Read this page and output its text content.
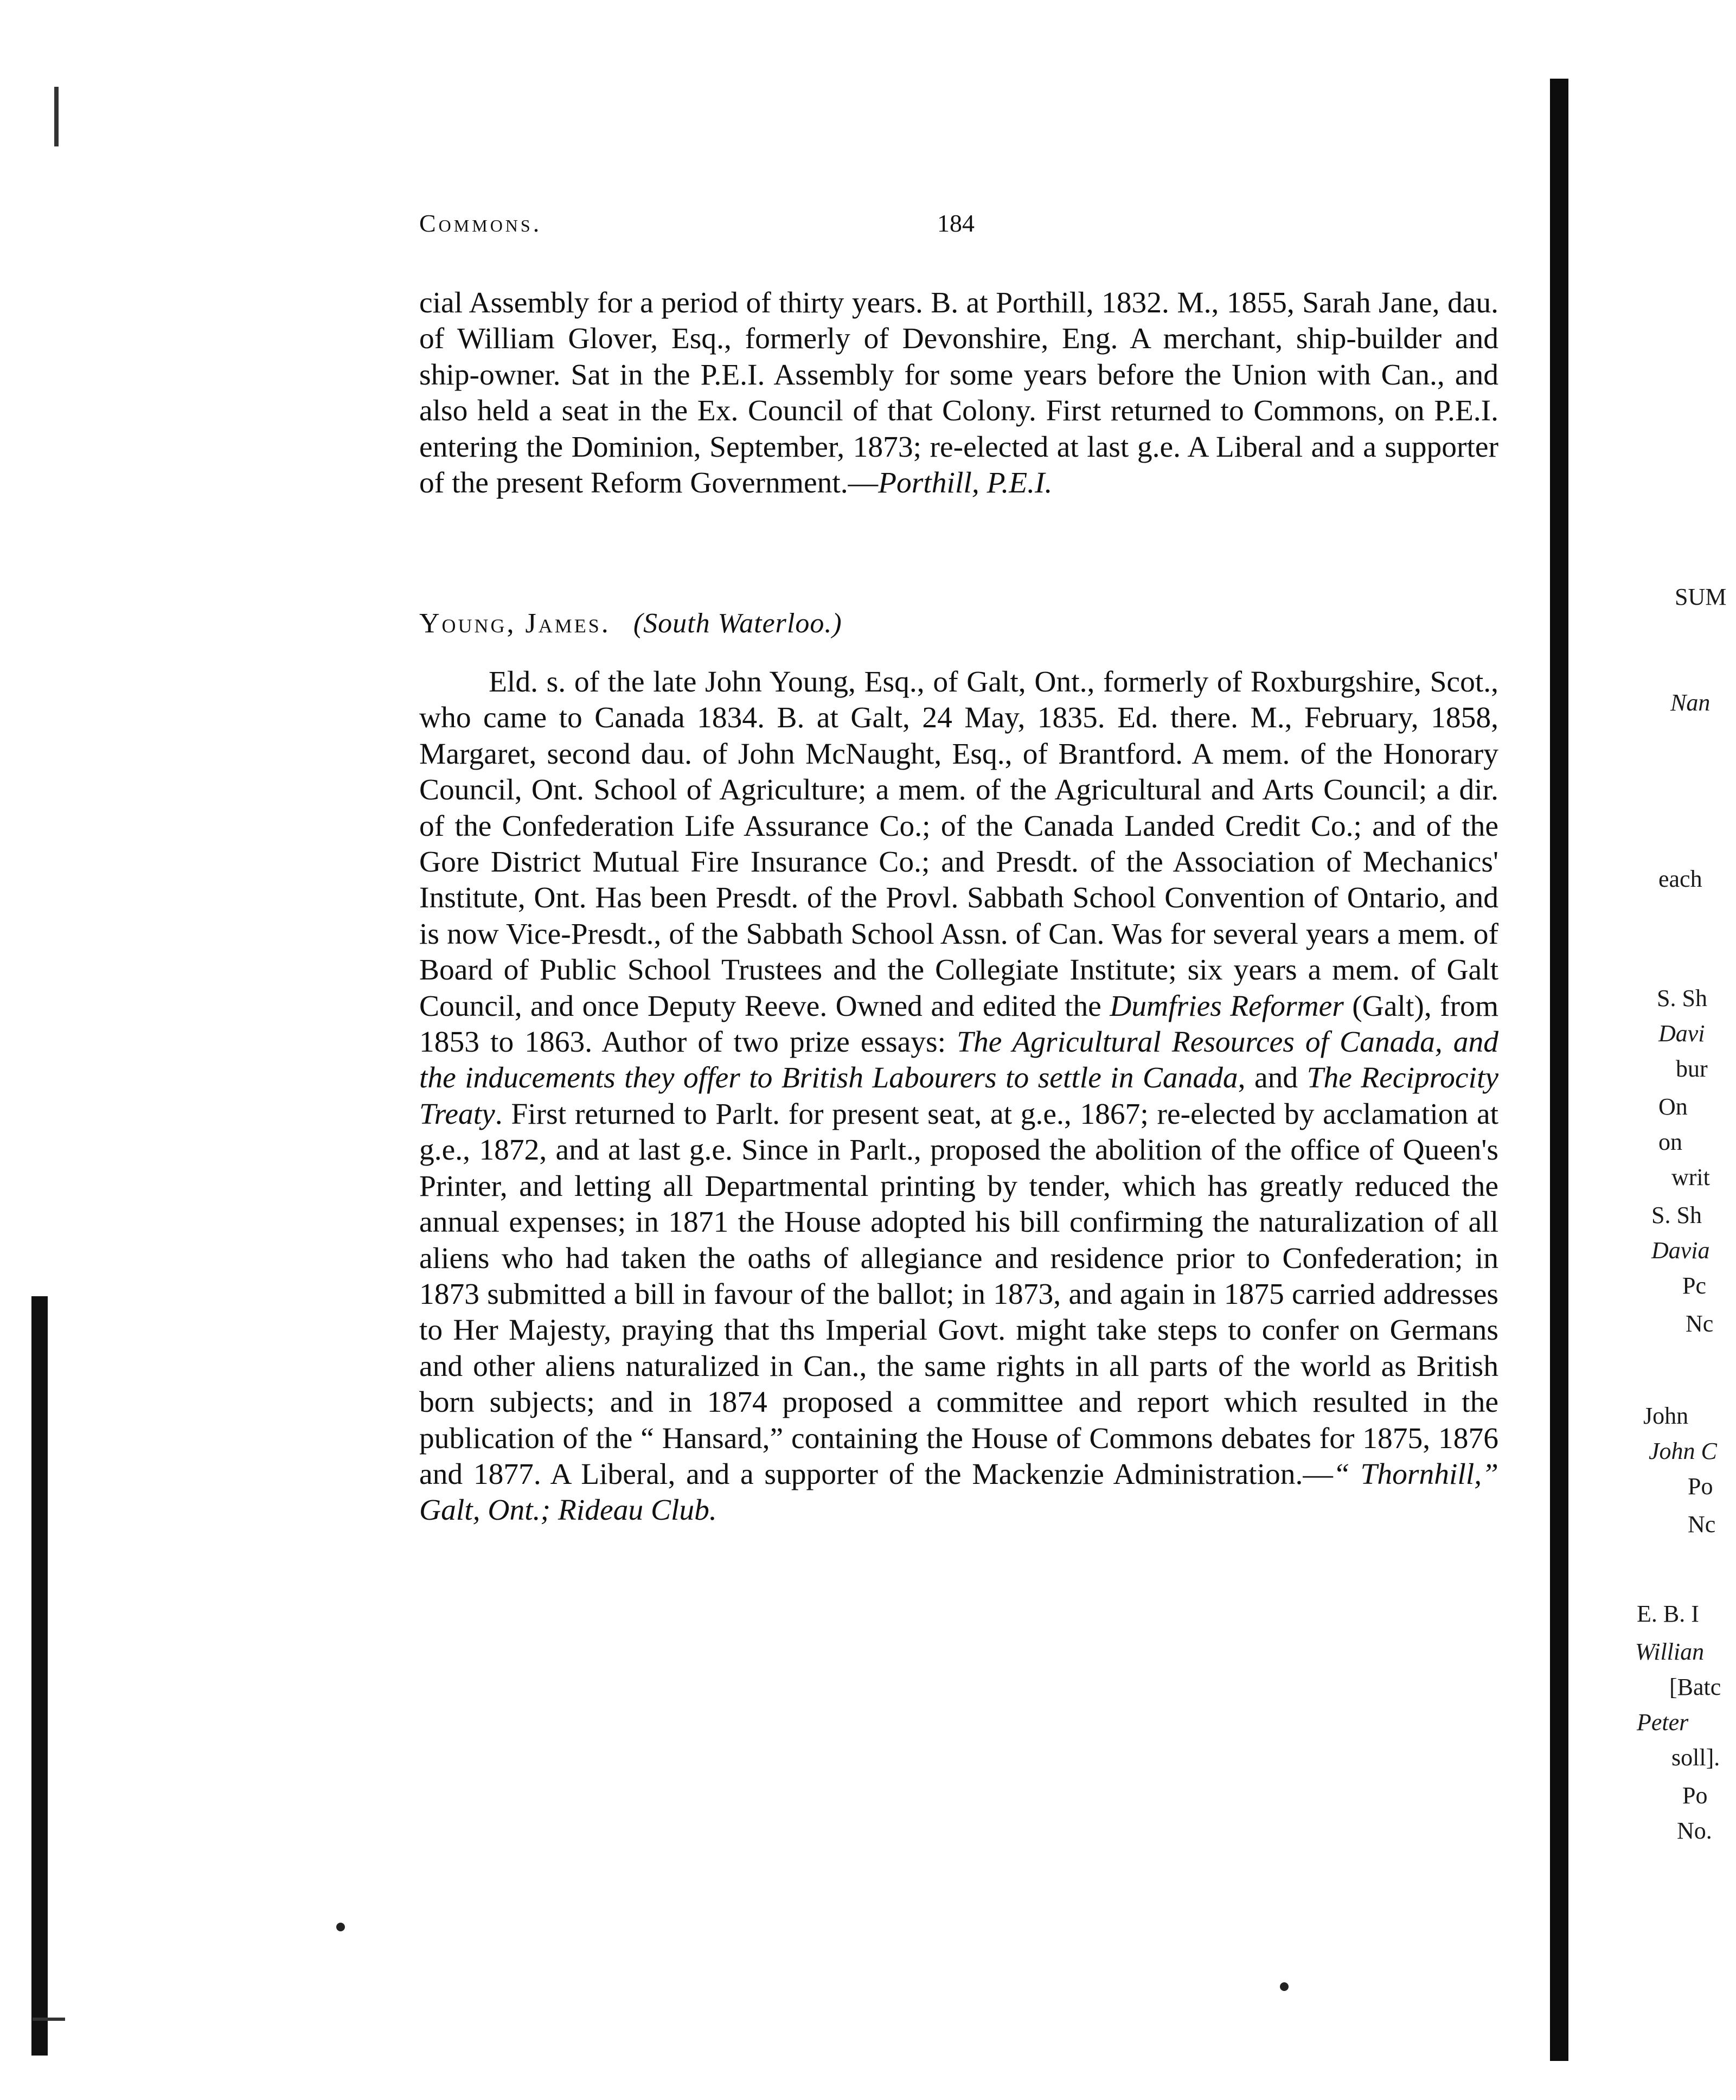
Commons.	184

cial Assembly for a period of thirty years. B. at Porthill, 1832. M., 1855, Sarah Jane, dau. of William Glover, Esq., formerly of Devonshire, Eng. A merchant, ship-builder and ship-owner. Sat in the P.E.I. Assembly for some years before the Union with Can., and also held a seat in the Ex. Council of that Colony. First returned to Commons, on P.E.I. entering the Dominion, September, 1873; re-elected at last g.e. A Liberal and a supporter of the present Reform Government.—Porthill, P.E.I.

Young, James. (South Waterloo.)

Eld. s. of the late John Young, Esq., of Galt, Ont., formerly of Roxburgshire, Scot., who came to Canada 1834. B. at Galt, 24 May, 1835. Ed. there. M., February, 1858, Margaret, second dau. of John McNaught, Esq., of Brantford. A mem. of the Honorary Council, Ont. School of Agriculture; a mem. of the Agricultural and Arts Council; a dir. of the Confederation Life Assurance Co.; of the Canada Landed Credit Co.; and of the Gore District Mutual Fire Insurance Co.; and Presdt. of the Association of Mechanics' Institute, Ont. Has been Presdt. of the Provl. Sabbath School Convention of Ontario, and is now Vice-Presdt., of the Sabbath School Assn. of Can. Was for several years a mem. of Board of Public School Trustees and the Collegiate Institute; six years a mem. of Galt Council, and once Deputy Reeve. Owned and edited the Dumfries Reformer (Galt), from 1853 to 1863. Author of two prize essays: The Agricultural Resources of Canada, and the inducements they offer to British Labourers to settle in Canada, and The Reciprocity Treaty. First returned to Parlt. for present seat, at g.e., 1867; re-elected by acclamation at g.e., 1872, and at last g.e. Since in Parlt., proposed the abolition of the office of Queen's Printer, and letting all Departmental printing by tender, which has greatly reduced the annual expenses; in 1871 the House adopted his bill confirming the naturalization of all aliens who had taken the oaths of allegiance and residence prior to Confederation; in 1873 submitted a bill in favour of the ballot; in 1873, and again in 1875 carried addresses to Her Majesty, praying that ths Imperial Govt. might take steps to confer on Germans and other aliens naturalized in Can., the same rights in all parts of the world as British born subjects; and in 1874 proposed a committee and report which resulted in the publication of the “ Hansard,” containing the House of Commons debates for 1875, 1876 and 1877. A Liberal, and a supporter of the Mackenzie Administration.—“ Thornhill,” Galt, Ont.; Rideau Club.

SUM
Nan
each
S. Sh
Davi
bur
On
on
writ
S. Sh
Davia
Pc
Nc
John
John C
Po
Nc
E. B. I
Willian
[Batc
Peter
soll].
Po
No.
